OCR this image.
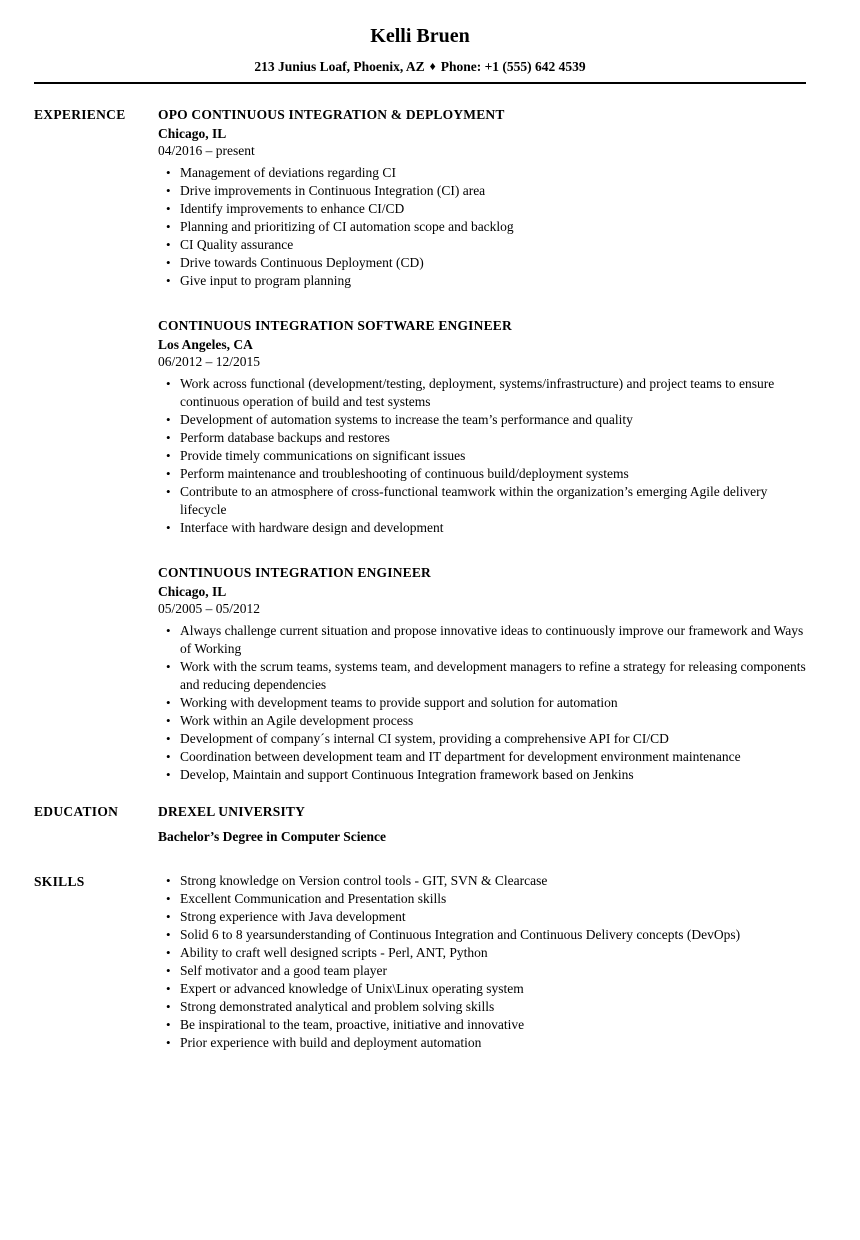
Kelli Bruen
213 Junius Loaf, Phoenix, AZ ♦ Phone: +1 (555) 642 4539
EXPERIENCE	OPO CONTINUOUS INTEGRATION & DEPLOYMENT
Chicago, IL
04/2016 – present
• Management of deviations regarding CI
• Drive improvements in Continuous Integration (CI) area
• Identify improvements to enhance CI/CD
• Planning and prioritizing of CI automation scope and backlog
• CI Quality assurance
• Drive towards Continuous Deployment (CD)
• Give input to program planning
CONTINUOUS INTEGRATION SOFTWARE ENGINEER
Los Angeles, CA
06/2012 – 12/2015
• Work across functional (development/testing, deployment, systems/infrastructure) and project teams to ensure continuous operation of build and test systems
• Development of automation systems to increase the team’s performance and quality
• Perform database backups and restores
• Provide timely communications on significant issues
• Perform maintenance and troubleshooting of continuous build/deployment systems
• Contribute to an atmosphere of cross-functional teamwork within the organization’s emerging Agile delivery lifecycle
• Interface with hardware design and development
CONTINUOUS INTEGRATION ENGINEER
Chicago, IL
05/2005 – 05/2012
• Always challenge current situation and propose innovative ideas to continuously improve our framework and Ways of Working
• Work with the scrum teams, systems team, and development managers to refine a strategy for releasing components and reducing dependencies
• Working with development teams to provide support and solution for automation
• Work within an Agile development process
• Development of company´s internal CI system, providing a comprehensive API for CI/CD
• Coordination between development team and IT department for development environment maintenance
• Develop, Maintain and support Continuous Integration framework based on Jenkins
EDUCATION	DREXEL UNIVERSITY
Bachelor’s Degree in Computer Science
SKILLS	• Strong knowledge on Version control tools - GIT, SVN & Clearcase
• Excellent Communication and Presentation skills
• Strong experience with Java development
• Solid 6 to 8 yearsunderstanding of Continuous Integration and Continuous Delivery concepts (DevOps)
• Ability to craft well designed scripts - Perl, ANT, Python
• Self motivator and a good team player
• Expert or advanced knowledge of Unix\Linux operating system
• Strong demonstrated analytical and problem solving skills
• Be inspirational to the team, proactive, initiative and innovative
• Prior experience with build and deployment automation
